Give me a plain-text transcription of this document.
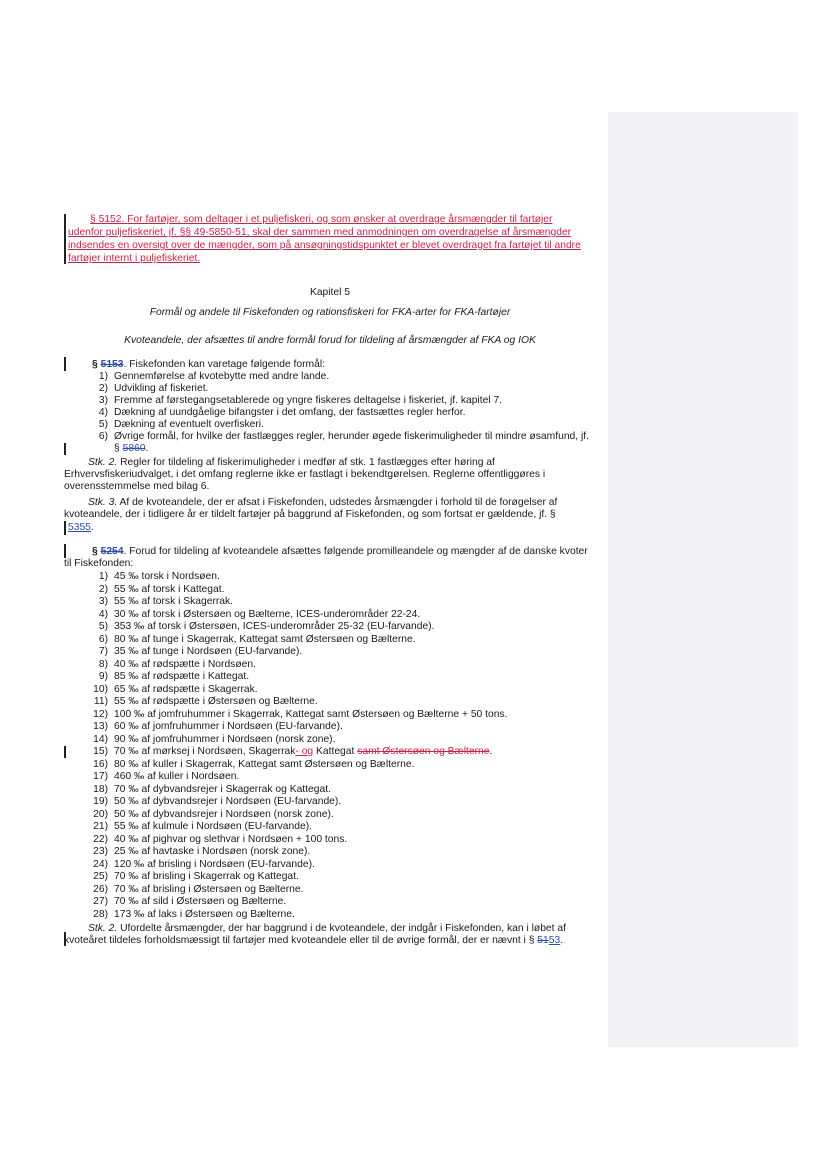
§ 5152. For fartøjer, som deltager i et puljefiskeri, og som ønsker at overdrage årsmængder til fartøjer
udenfor puljefiskeriet, jf. §§ 49-5850-51, skal der sammen med anmodningen om overdragelse af årsmængder
indsendes en oversigt over de mængder, som på ansøgningstidspunktet er blevet overdraget fra fartøjet til andre
fartøjer internt i puljefiskeriet.
Kapitel 5
Formål og andele til Fiskefonden og rationsfiskeri for FKA-arter for FKA-fartøjer
Kvoteandele, der afsættes til andre formål forud for tildeling af årsmængder af FKA og IOK
§ 5153. Fiskefonden kan varetage følgende formål:
1) Gennemførelse af kvotebytte med andre lande.
2) Udvikling af fiskeriet.
3) Fremme af førstegangsetablerede og yngre fiskeres deltagelse i fiskeriet, jf. kapitel 7.
4) Dækning af uundgåelige bifangster i det omfang, der fastsættes regler herfor.
5) Dækning af eventuelt overfiskeri.
6) Øvrige formål, for hvilke der fastlægges regler, herunder øgede fiskerimuligheder til mindre øsamfund, jf.
§ 5860.
Stk. 2. Regler for tildeling af fiskerimuligheder i medfør af stk. 1 fastlægges efter høring af
Erhvervsfiskeriudvalget, i det omfang reglerne ikke er fastlagt i bekendtgørelsen. Reglerne offentliggøres i
overensstemmelse med bilag 6.
Stk. 3. Af de kvoteandele, der er afsat i Fiskefonden, udstedes årsmængder i forhold til de forøgelser af
kvoteandele, der i tidligere år er tildelt fartøjer på baggrund af Fiskefonden, og som fortsat er gældende, jf. §
5355.
§ 5254. Forud for tildeling af kvoteandele afsættes følgende promilleandele og mængder af de danske kvoter
til Fiskefonden:
1) 45 ‰ torsk i Nordsøen.
2) 55 ‰ af torsk i Kattegat.
3) 55 ‰ af torsk i Skagerrak.
4) 30 ‰ af torsk i Østersøen og Bælterne, ICES-underområder 22-24.
5) 353 ‰ af torsk i Østersøen, ICES-underområder 25-32 (EU-farvande).
6) 80 ‰ af tunge i Skagerrak, Kattegat samt Østersøen og Bælterne.
7) 35 ‰ af tunge i Nordsøen (EU-farvande).
8) 40 ‰ af rødspætte i Nordsøen.
9) 85 ‰ af rødspætte i Kattegat.
10) 65 ‰ af rødspætte i Skagerrak.
11) 55 ‰ af rødspætte i Østersøen og Bælterne.
12) 100 ‰ af jomfruhummer i Skagerrak, Kattegat samt Østersøen og Bælterne + 50 tons.
13) 60 ‰ af jomfruhummer i Nordsøen (EU-farvande).
14) 90 ‰ af jomfruhummer i Nordsøen (norsk zone).
15) 70 ‰ af mørksej i Nordsøen, Skagerrak- og Kattegat samt Østersøen og Bælterne.
16) 80 ‰ af kuller i Skagerrak, Kattegat samt Østersøen og Bælterne.
17) 460 ‰ af kuller i Nordsøen.
18) 70 ‰ af dybvandsrejer i Skagerrak og Kattegat.
19) 50 ‰ af dybvandsrejer i Nordsøen (EU-farvande).
20) 50 ‰ af dybvandsrejer i Nordsøen (norsk zone).
21) 55 ‰ af kulmule i Nordsøen (EU-farvande).
22) 40 ‰ af pighvar og slethvar i Nordsøen + 100 tons.
23) 25 ‰ af havtaske i Nordsøen (norsk zone).
24) 120 ‰ af brisling i Nordsøen (EU-farvande).
25) 70 ‰ af brisling i Skagerrak og Kattegat.
26) 70 ‰ af brisling i Østersøen og Bælterne.
27) 70 ‰ af sild i Østersøen og Bælterne.
28) 173 ‰ af laks i Østersøen og Bælterne.
Stk. 2. Ufordelte årsmængder, der har baggrund i de kvoteandele, der indgår i Fiskefonden, kan i løbet af
kvoteåret tildeles forholdsmæssigt til fartøjer med kvoteandele eller til de øvrige formål, der er nævnt i § 5153.
